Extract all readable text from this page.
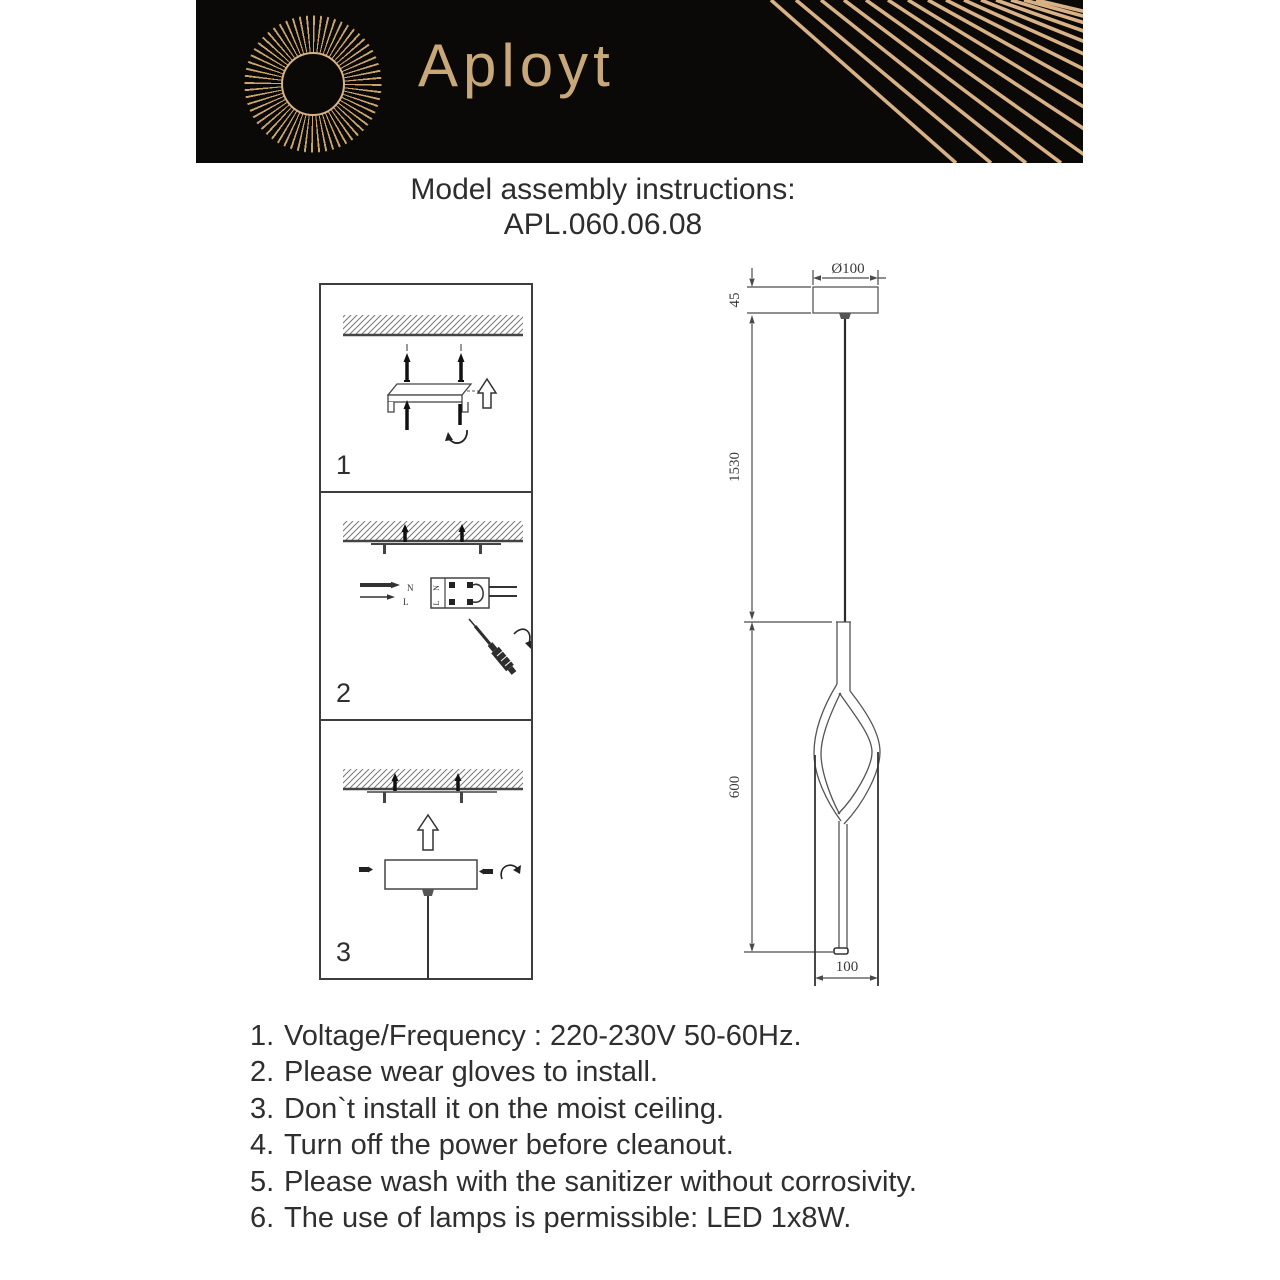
Aployt
Model assembly instructions:
APL.060.06.08
1
N
L
N
L
2
3
Ø100
45
1530
600
100
1. Voltage/Frequency : 220-230V 50-60Hz.
2. Please wear gloves to install.
3. Don`t install it on the moist ceiling.
4. Turn off the power before cleanout.
5. Please wash with the sanitizer without corrosivity.
6. The use of lamps is permissible: LED 1x8W.
